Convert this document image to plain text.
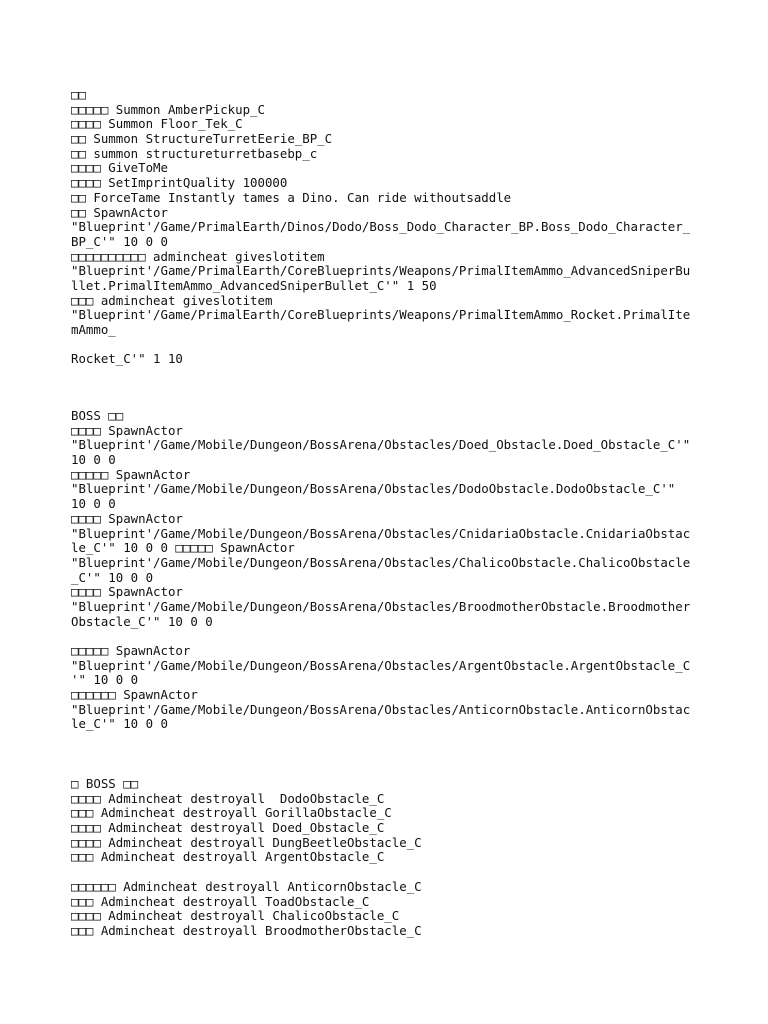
□□
□□□□□ Summon AmberPickup_C
□□□□ Summon Floor_Tek_C
□□ Summon StructureTurretEerie_BP_C
□□ summon structureturretbasebp_c
□□□□ GiveToMe
□□□□ SetImprintQuality 100000
□□ ForceTame Instantly tames a Dino. Can ride withoutsaddle
□□ SpawnActor
"Blueprint'/Game/PrimalEarth/Dinos/Dodo/Boss_Dodo_Character_BP.Boss_Dodo_Character_
BP_C'" 10 0 0
□□□□□□□□□□ admincheat giveslotitem
"Blueprint'/Game/PrimalEarth/CoreBlueprints/Weapons/PrimalItemAmmo_AdvancedSniperBu
llet.PrimalItemAmmo_AdvancedSniperBullet_C'" 1 50
□□□ admincheat giveslotitem
"Blueprint'/Game/PrimalEarth/CoreBlueprints/Weapons/PrimalItemAmmo_Rocket.PrimalIte
mAmmo_
Rocket_C'" 1 10
BOSS □□
□□□□ SpawnActor
"Blueprint'/Game/Mobile/Dungeon/BossArena/Obstacles/Doed_Obstacle.Doed_Obstacle_C'"
10 0 0
□□□□□ SpawnActor
"Blueprint'/Game/Mobile/Dungeon/BossArena/Obstacles/DodoObstacle.DodoObstacle_C'"
10 0 0
□□□□ SpawnActor
"Blueprint'/Game/Mobile/Dungeon/BossArena/Obstacles/CnidariaObstacle.CnidariaObstac
le_C'" 10 0 0 □□□□□ SpawnActor
"Blueprint'/Game/Mobile/Dungeon/BossArena/Obstacles/ChalicoObstacle.ChalicoObstacle
_C'" 10 0 0
□□□□ SpawnActor
"Blueprint'/Game/Mobile/Dungeon/BossArena/Obstacles/BroodmotherObstacle.Broodmother
Obstacle_C'" 10 0 0
□□□□□ SpawnActor
"Blueprint'/Game/Mobile/Dungeon/BossArena/Obstacles/ArgentObstacle.ArgentObstacle_C
'" 10 0 0
□□□□□□ SpawnActor
"Blueprint'/Game/Mobile/Dungeon/BossArena/Obstacles/AnticornObstacle.AnticornObstac
le_C'" 10 0 0
□ BOSS □□
□□□□ Admincheat destroyall  DodoObstacle_C
□□□ Admincheat destroyall GorillaObstacle_C
□□□□ Admincheat destroyall Doed_Obstacle_C
□□□□ Admincheat destroyall DungBeetleObstacle_C
□□□ Admincheat destroyall ArgentObstacle_C
□□□□□□ Admincheat destroyall AnticornObstacle_C
□□□ Admincheat destroyall ToadObstacle_C
□□□□ Admincheat destroyall ChalicoObstacle_C
□□□ Admincheat destroyall BroodmotherObstacle_C
